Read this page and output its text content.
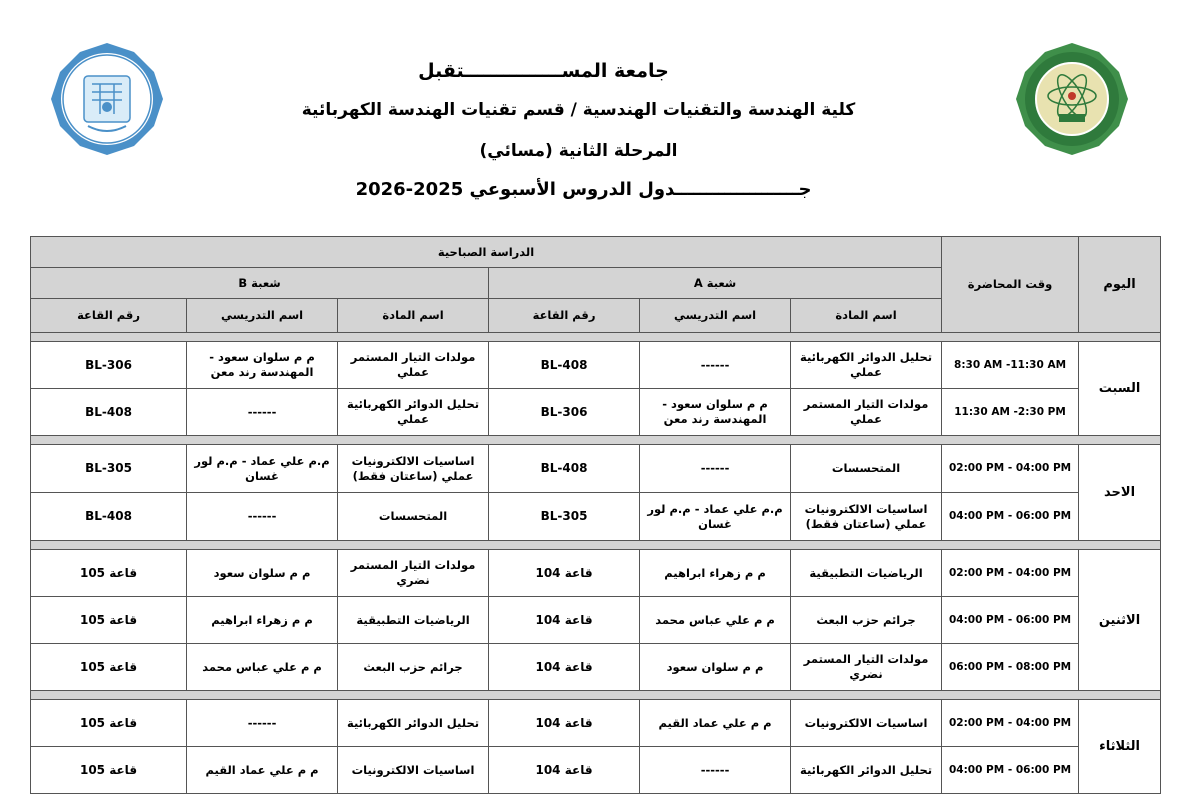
جامعة المســـــــــــــــتقبل
كلية الهندسة والتقنيات الهندسية / قسم تقنيات الهندسة الكهربائية
المرحلة الثانية (مسائي)
جــــــــــــــــــــدول الدروس الأسبوعي 2025-2026
اليوم	وقت المحاضرة	الدراسة الصباحية					
		شعبة A			شعبة B		
		اسم المادة	اسم التدريسي	رقم القاعة	اسم المادة	اسم التدريسي	رقم القاعة

السبت	8:30 AM -11:30 AM	تحليل الدوائر الكهربائية عملي	------	BL-408	مولدات التيار المستمر عملي	م م سلوان سعود - المهندسة رند معن	BL-306
	11:30 AM -2:30 PM	مولدات التيار المستمر عملي	م م سلوان سعود - المهندسة رند معن	BL-306	تحليل الدوائر الكهربائية عملي	------	BL-408

الاحد	02:00 PM - 04:00 PM	المتحسسات	------	BL-408	اساسيات الالكترونيات عملي (ساعتان فقط)	م.م علي عماد - م.م لور غسان	BL-305
	04:00 PM - 06:00 PM	اساسيات الالكترونيات عملي (ساعتان فقط)	م.م علي عماد - م.م لور غسان	BL-305	المتحسسات	------	BL-408

الاثنين	02:00 PM - 04:00 PM	الرياضيات التطبيقية	م م زهراء ابراهيم	قاعة 104	مولدات التيار المستمر نضري	م م سلوان سعود	قاعة 105
	04:00 PM - 06:00 PM	جرائم حزب البعث	م م علي عباس محمد	قاعة 104	الرياضيات التطبيقية	م م زهراء ابراهيم	قاعة 105
	06:00 PM - 08:00 PM	مولدات التيار المستمر نضري	م م سلوان سعود	قاعة 104	جرائم حزب البعث	م م علي عباس محمد	قاعة 105

الثلاثاء	02:00 PM - 04:00 PM	اساسيات الالكترونيات	م م علي عماد القيم	قاعة 104	تحليل الدوائر الكهربائية	------	قاعة 105
	04:00 PM - 06:00 PM	تحليل الدوائر الكهربائية	------	قاعة 104	اساسيات الالكترونيات	م م علي عماد القيم	قاعة 105
